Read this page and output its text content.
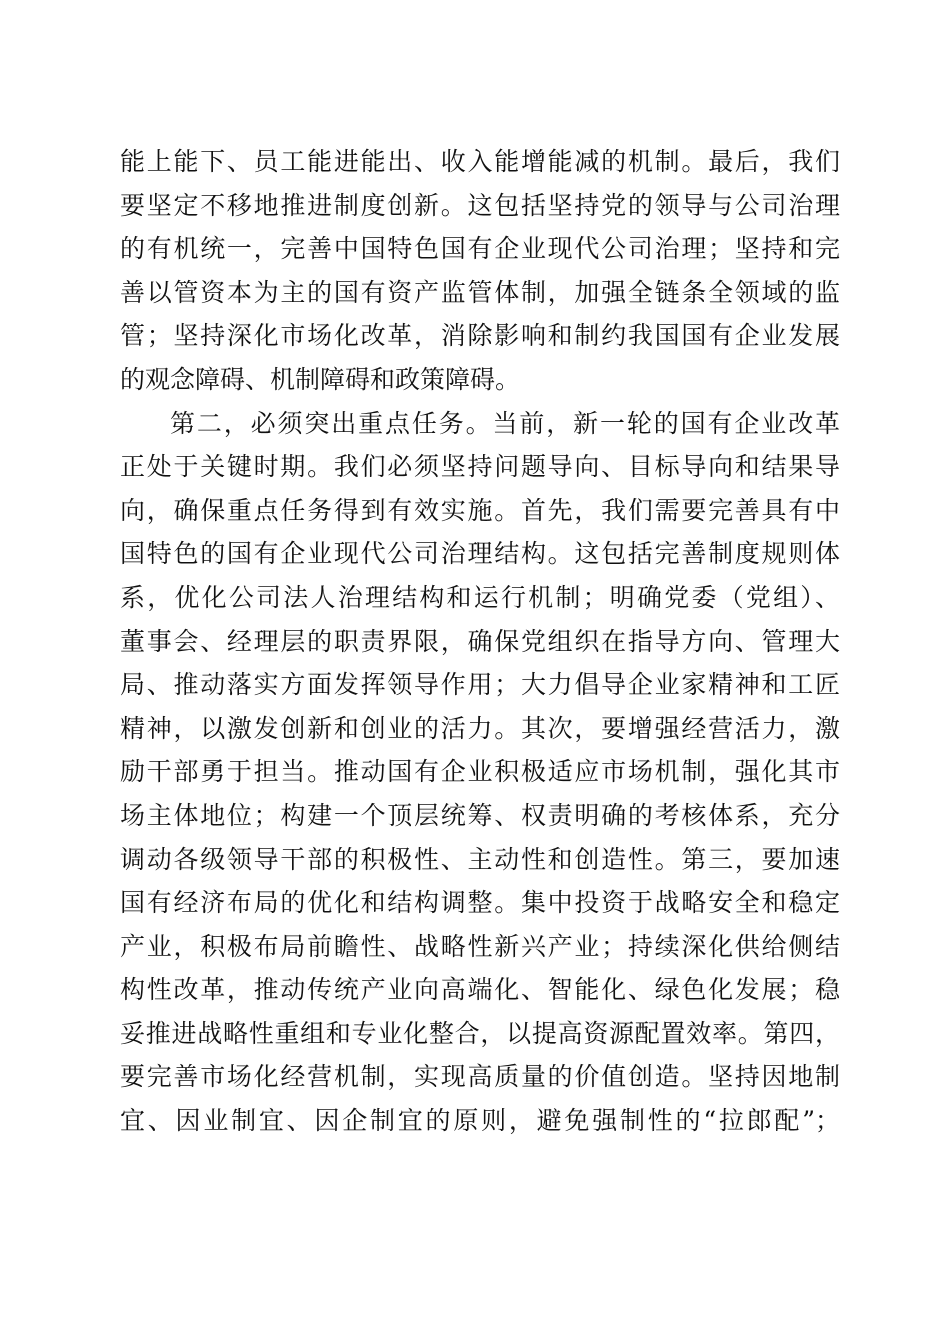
能上能下、员工能进能出、收入能增能减的机制。最后，我们
要坚定不移地推进制度创新。这包括坚持党的领导与公司治理
的有机统一，完善中国特色国有企业现代公司治理；坚持和完
善以管资本为主的国有资产监管体制，加强全链条全领域的监
管；坚持深化市场化改革，消除影响和制约我国国有企业发展
的观念障碍、机制障碍和政策障碍。
第二，必须突出重点任务。当前，新一轮的国有企业改革
正处于关键时期。我们必须坚持问题导向、目标导向和结果导
向，确保重点任务得到有效实施。首先，我们需要完善具有中
国特色的国有企业现代公司治理结构。这包括完善制度规则体
系，优化公司法人治理结构和运行机制；明确党委（党组）、
董事会、经理层的职责界限，确保党组织在指导方向、管理大
局、推动落实方面发挥领导作用；大力倡导企业家精神和工匠
精神，以激发创新和创业的活力。其次，要增强经营活力，激
励干部勇于担当。推动国有企业积极适应市场机制，强化其市
场主体地位；构建一个顶层统筹、权责明确的考核体系，充分
调动各级领导干部的积极性、主动性和创造性。第三，要加速
国有经济布局的优化和结构调整。集中投资于战略安全和稳定
产业，积极布局前瞻性、战略性新兴产业；持续深化供给侧结
构性改革，推动传统产业向高端化、智能化、绿色化发展；稳
妥推进战略性重组和专业化整合，以提高资源配置效率。第四，
要完善市场化经营机制，实现高质量的价值创造。坚持因地制
宜、因业制宜、因企制宜的原则，避免强制性的“拉郎配”；
